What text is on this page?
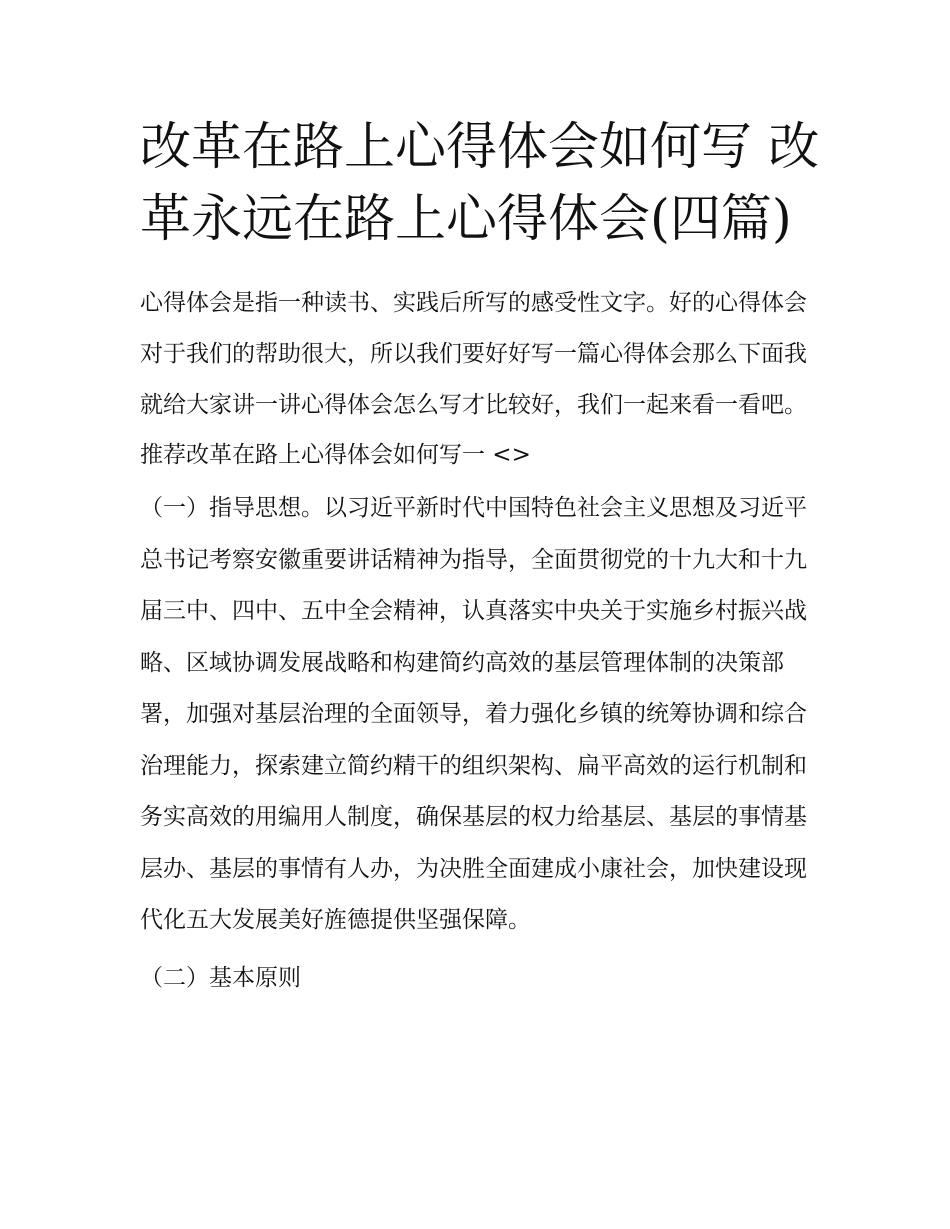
改革在路上心得体会如何写 改革永远在路上心得体会(四篇)

心得体会是指一种读书、实践后所写的感受性文字。好的心得体会对于我们的帮助很大，所以我们要好好写一篇心得体会那么下面我就给大家讲一讲心得体会怎么写才比较好，我们一起来看一看吧。

推荐改革在路上心得体会如何写一 <>

（一）指导思想。以习近平新时代中国特色社会主义思想及习近平总书记考察安徽重要讲话精神为指导，全面贯彻党的十九大和十九届三中、四中、五中全会精神，认真落实中央关于实施乡村振兴战略、区域协调发展战略和构建简约高效的基层管理体制的决策部署，加强对基层治理的全面领导，着力强化乡镇的统筹协调和综合治理能力，探索建立简约精干的组织架构、扁平高效的运行机制和务实高效的用编用人制度，确保基层的权力给基层、基层的事情基层办、基层的事情有人办，为决胜全面建成小康社会，加快建设现代化五大发展美好旌德提供坚强保障。

（二）基本原则
